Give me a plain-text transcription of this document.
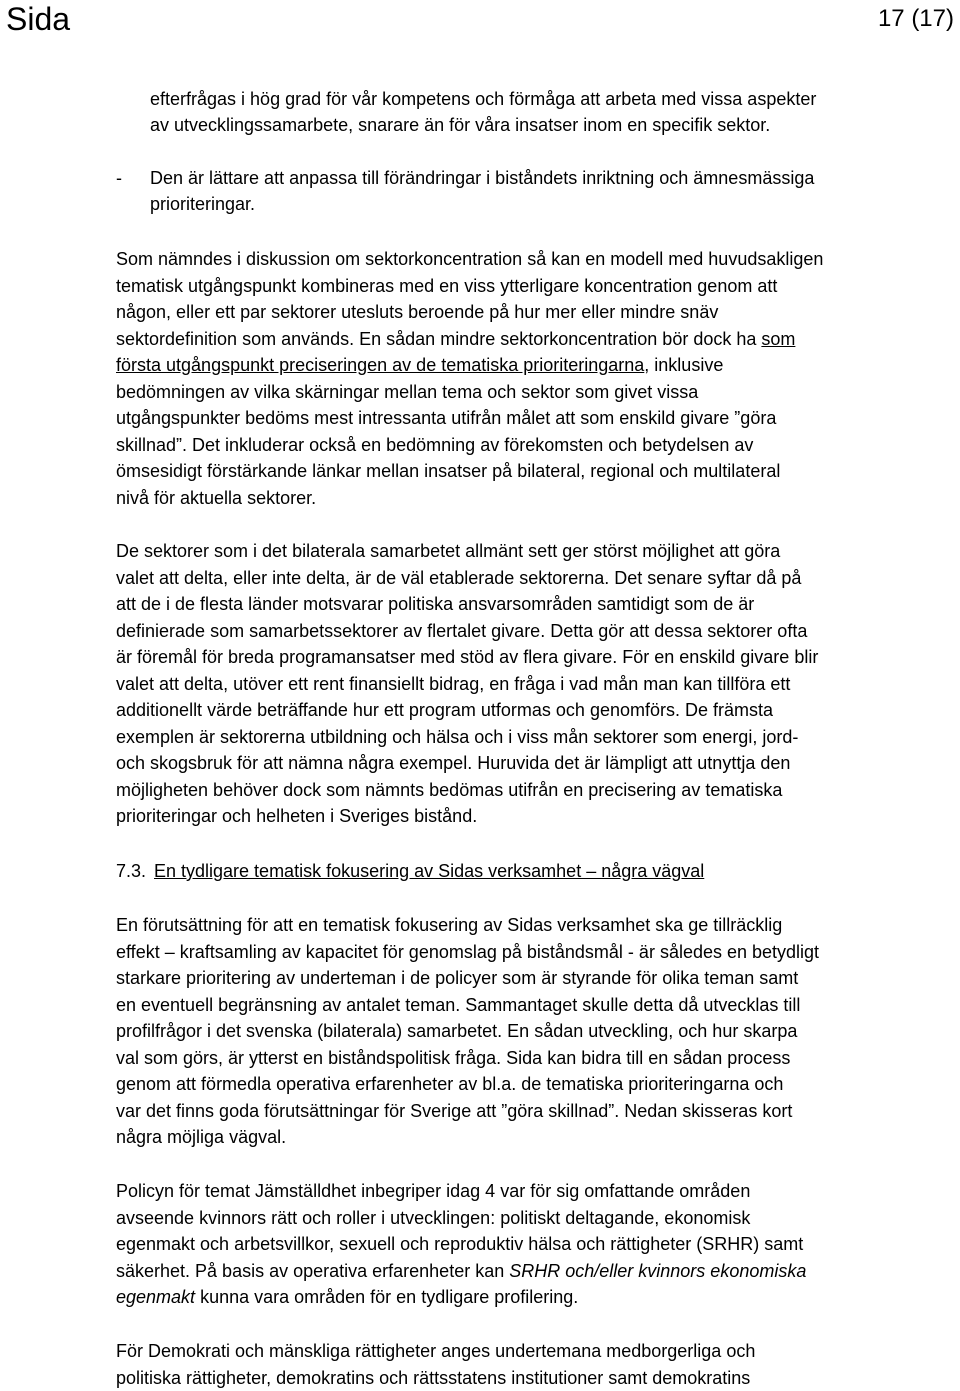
Sida	17 (17)
efterfrågas i hög grad för vår kompetens och förmåga att arbeta med vissa aspekter
av utvecklingssamarbete, snarare än för våra insatser inom en specifik sektor.
- Den är lättare att anpassa till förändringar i biståndets inriktning och ämnesmässiga
prioriteringar.
Som nämndes i diskussion om sektorkoncentration så kan en modell med huvudsakligen
tematisk utgångspunkt kombineras med en viss ytterligare koncentration genom att
någon, eller ett par sektorer utesluts beroende på hur mer eller mindre snäv
sektordefinition som används. En sådan mindre sektorkoncentration bör dock ha som
första utgångspunkt preciseringen av de tematiska prioriteringarna, inklusive
bedömningen av vilka skärningar mellan tema och sektor som givet vissa
utgångspunkter bedöms mest intressanta utifrån målet att som enskild givare ”göra
skillnad”. Det inkluderar också en bedömning av förekomsten och betydelsen av
ömsesidigt förstärkande länkar mellan insatser på bilateral, regional och multilateral
nivå för aktuella sektorer.
De sektorer som i det bilaterala samarbetet allmänt sett ger störst möjlighet att göra
valet att delta, eller inte delta, är de väl etablerade sektorerna. Det senare syftar då på
att de i de flesta länder motsvarar politiska ansvarsområden samtidigt som de är
definierade som samarbetssektorer av flertalet givare. Detta gör att dessa sektorer ofta
är föremål för breda programansatser med stöd av flera givare. För en enskild givare blir
valet att delta, utöver ett rent finansiellt bidrag, en fråga i vad mån man kan tillföra ett
additionellt värde beträffande hur ett program utformas och genomförs. De främsta
exemplen är sektorerna utbildning och hälsa och i viss mån sektorer som energi, jord-
och skogsbruk för att nämna några exempel. Huruvida det är lämpligt att utnyttja den
möjligheten behöver dock som nämnts bedömas utifrån en precisering av tematiska
prioriteringar och helheten i Sveriges bistånd.
7.3. En tydligare tematisk fokusering av Sidas verksamhet – några vägval
En förutsättning för att en tematisk fokusering av Sidas verksamhet ska ge tillräcklig
effekt – kraftsamling av kapacitet för genomslag på biståndsmål - är således en betydligt
starkare prioritering av underteman i de policyer som är styrande för olika teman samt
en eventuell begränsning av antalet teman. Sammantaget skulle detta då utvecklas till
profilfrågor i det svenska (bilaterala) samarbetet. En sådan utveckling, och hur skarpa
val som görs, är ytterst en biståndspolitisk fråga. Sida kan bidra till en sådan process
genom att förmedla operativa erfarenheter av bl.a. de tematiska prioriteringarna och
var det finns goda förutsättningar för Sverige att ”göra skillnad”. Nedan skisseras kort
några möjliga vägval.
Policyn för temat Jämställdhet inbegriper idag 4 var för sig omfattande områden
avseende kvinnors rätt och roller i utvecklingen: politiskt deltagande, ekonomisk
egenmakt och arbetsvillkor, sexuell och reproduktiv hälsa och rättigheter (SRHR) samt
säkerhet. På basis av operativa erfarenheter kan SRHR och/eller kvinnors ekonomiska
egenmakt kunna vara områden för en tydligare profilering.
För Demokrati och mänskliga rättigheter anges undertemana medborgerliga och
politiska rättigheter, demokratins och rättsstatens institutioner samt demokratins
